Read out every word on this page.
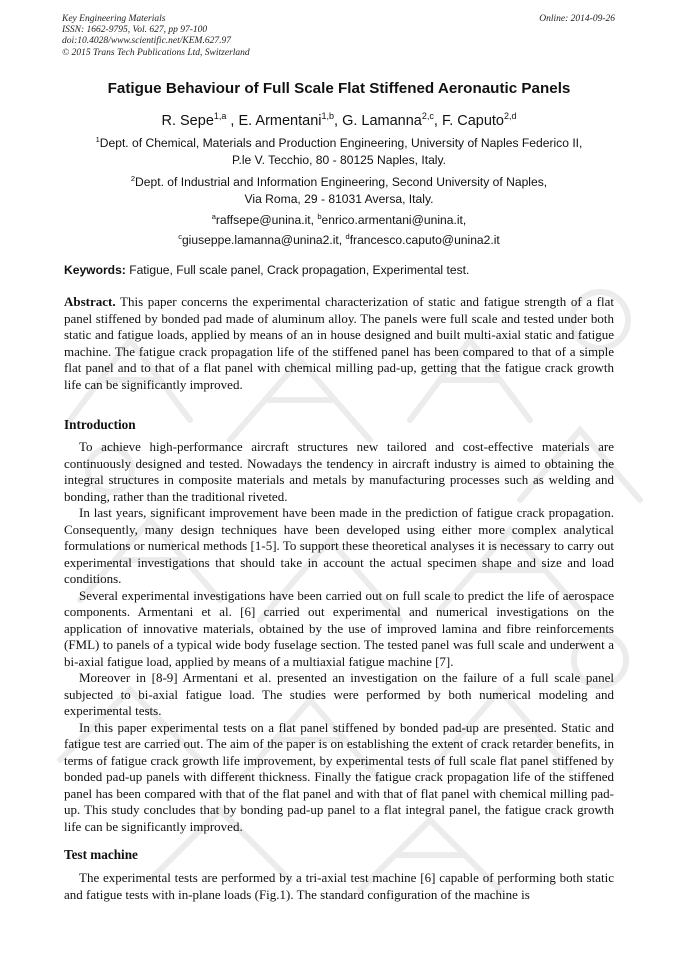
Key Engineering Materials
ISSN: 1662-9795, Vol. 627, pp 97-100
doi:10.4028/www.scientific.net/KEM.627.97
© 2015 Trans Tech Publications Ltd, Switzerland
Online: 2014-09-26
Fatigue Behaviour of Full Scale Flat Stiffened Aeronautic Panels
R. Sepe$^{1,a}$ , E. Armentani$^{1,b}$, G. Lamanna$^{2,c}$, F. Caputo$^{2,d}$
$^1$Dept. of Chemical, Materials and Production Engineering, University of Naples Federico II,
P.le V. Tecchio, 80 - 80125 Naples, Italy.
$^2$Dept. of Industrial and Information Engineering, Second University of Naples,
Via Roma, 29 - 81031 Aversa, Italy.
$^a$raffsepe@unina.it, $^b$enrico.armentani@unina.it,
$^c$giuseppe.lamanna@unina2.it, $^d$francesco.caputo@unina2.it
Keywords: Fatigue, Full scale panel, Crack propagation, Experimental test.
Abstract. This paper concerns the experimental characterization of static and fatigue strength of a flat panel stiffened by bonded pad made of aluminum alloy. The panels were full scale and tested under both static and fatigue loads, applied by means of an in house designed and built multi-axial static and fatigue machine. The fatigue crack propagation life of the stiffened panel has been compared to that of a simple flat panel and to that of a flat panel with chemical milling pad-up, getting that the fatigue crack growth life can be significantly improved.
Introduction

To achieve high-performance aircraft structures new tailored and cost-effective materials are continuously designed and tested. Nowadays the tendency in aircraft industry is aimed to obtaining the integral structures in composite materials and metals by manufacturing processes such as welding and bonding, rather than the traditional riveted.

In last years, significant improvement have been made in the prediction of fatigue crack propagation. Consequently, many design techniques have been developed using either more complex analytical formulations or numerical methods [1-5]. To support these theoretical analyses it is necessary to carry out experimental investigations that should take in account the actual specimen shape and size and load conditions.

Several experimental investigations have been carried out on full scale to predict the life of aerospace components. Armentani et al. [6] carried out experimental and numerical investigations on the application of innovative materials, obtained by the use of improved lamina and fibre reinforcements (FML) to panels of a typical wide body fuselage section. The tested panel was full scale and underwent a bi-axial fatigue load, applied by means of a multiaxial fatigue machine [7].

Moreover in [8-9] Armentani et al. presented an investigation on the failure of a full scale panel subjected to bi-axial fatigue load. The studies were performed by both numerical modeling and experimental tests.

In this paper experimental tests on a flat panel stiffened by bonded pad-up are presented. Static and fatigue test are carried out. The aim of the paper is on establishing the extent of crack retarder benefits, in terms of fatigue crack growth life improvement, by experimental tests of full scale flat panel stiffened by bonded pad-up panels with different thickness. Finally the fatigue crack propagation life of the stiffened panel has been compared with that of the flat panel and with that of flat panel with chemical milling pad-up. This study concludes that by bonding pad-up panel to a flat integral panel, the fatigue crack growth life can be significantly improved.

Test machine

The experimental tests are performed by a tri-axial test machine [6] capable of performing both static and fatigue tests with in-plane loads (Fig.1). The standard configuration of the machine is
